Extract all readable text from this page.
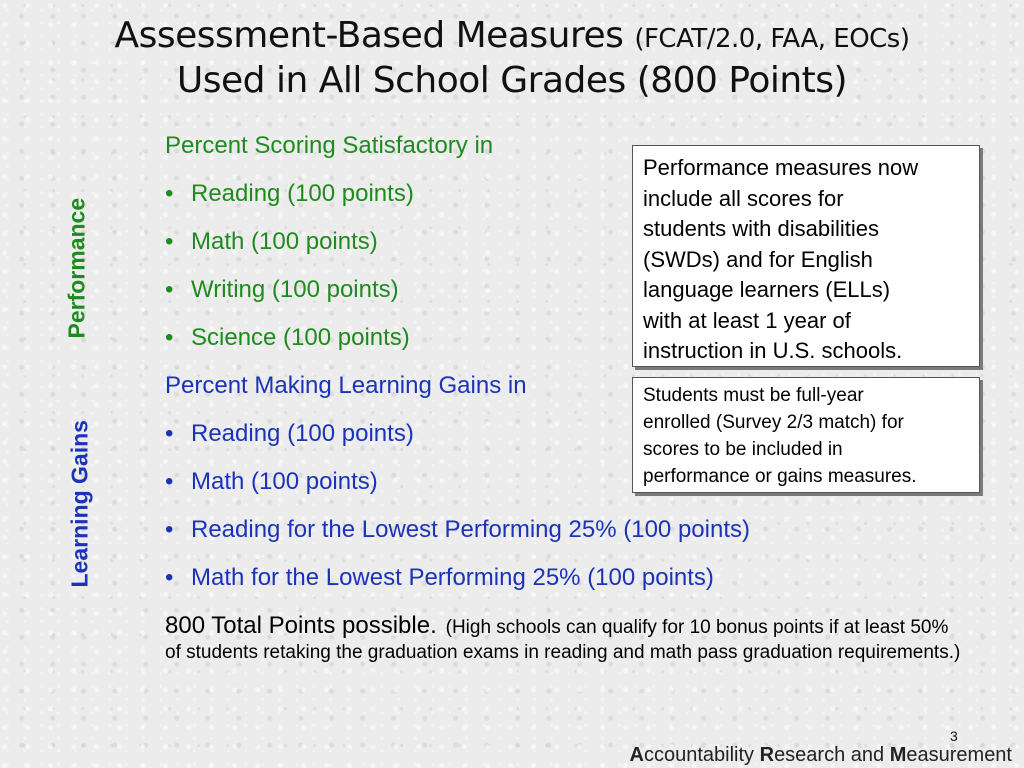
Assessment-Based Measures (FCAT/2.0, FAA, EOCs)
Used in All School Grades (800 Points)
Performance
Learning Gains
Percent Scoring Satisfactory in
• Reading (100 points)
• Math (100 points)
• Writing (100 points)
• Science (100 points)
Percent Making Learning Gains in
• Reading (100 points)
• Math (100 points)
• Reading for the Lowest Performing 25% (100 points)
• Math for the Lowest Performing 25% (100 points)
Performance measures now
include all scores for
students with disabilities
(SWDs) and for English
language learners (ELLs)
with at least 1 year of
instruction in U.S. schools.
Students must be full-year
enrolled (Survey 2/3 match) for
scores to be included in
performance or gains measures.
800 Total Points possible. (High schools can qualify for 10 bonus points if at least 50% of students retaking the graduation exams in reading and math pass graduation requirements.)
3
Accountability Research and Measurement
